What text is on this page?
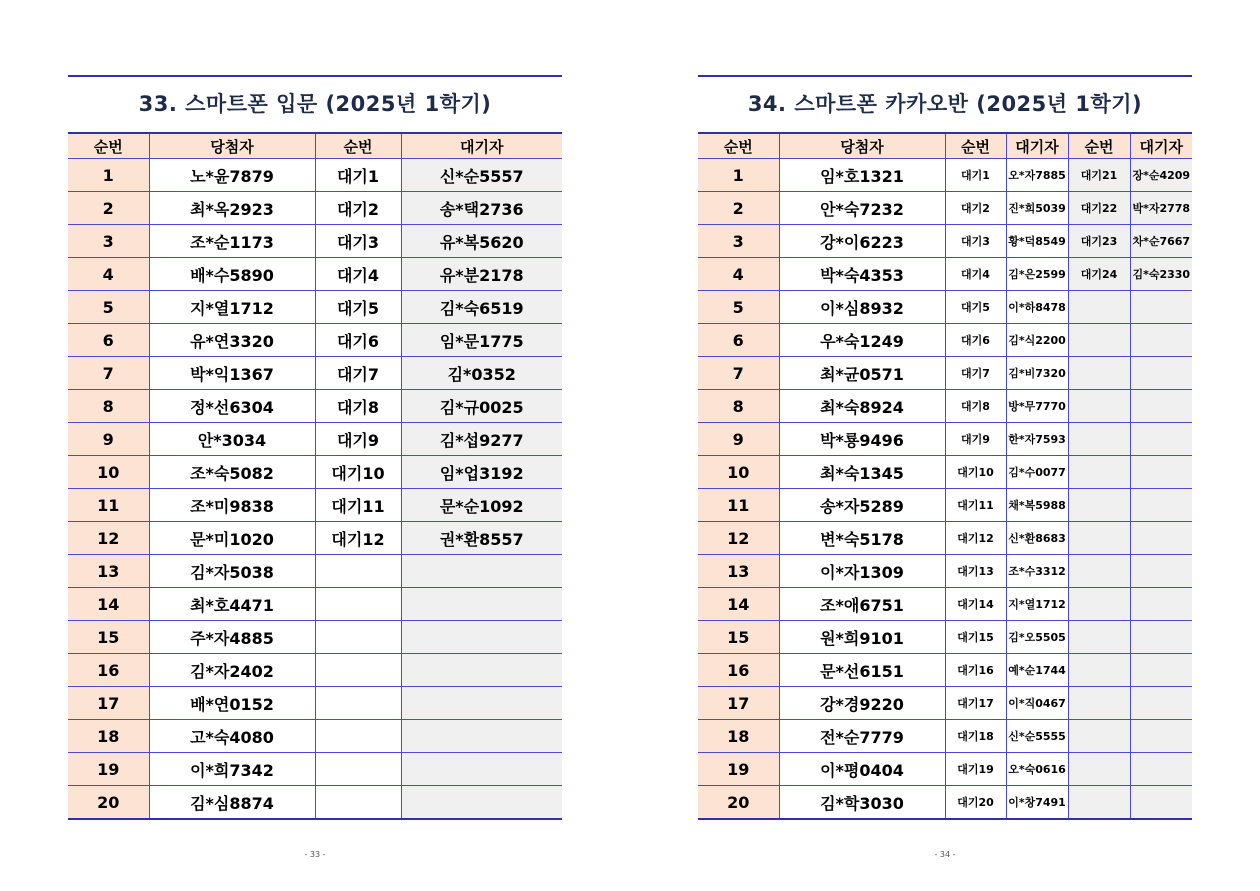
33. 스마트폰 입문 (2025년 1학기)
순번	당첨자	순번	대기자
1	노*윤7879	대기1	신*순5557
2	최*옥2923	대기2	송*택2736
3	조*순1173	대기3	유*복5620
4	배*수5890	대기4	유*분2178
5	지*열1712	대기5	김*숙6519
6	유*연3320	대기6	임*문1775
7	박*익1367	대기7	김*0352
8	정*선6304	대기8	김*규0025
9	안*3034	대기9	김*섭9277
10	조*숙5082	대기10	임*업3192
11	조*미9838	대기11	문*순1092
12	문*미1020	대기12	권*환8557
13	김*자5038		
14	최*호4471		
15	주*자4885		
16	김*자2402		
17	배*연0152		
18	고*숙4080		
19	이*희7342		
20	김*심8874		
- 33 -
34. 스마트폰 카카오반 (2025년 1학기)
순번	당첨자	순번	대기자	순번	대기자
1	임*호1321	대기1	오*자7885	대기21	장*순4209
2	안*숙7232	대기2	진*희5039	대기22	박*자2778
3	강*이6223	대기3	황*덕8549	대기23	차*순7667
4	박*숙4353	대기4	김*은2599	대기24	김*숙2330
5	이*심8932	대기5	이*하8478		
6	우*숙1249	대기6	김*식2200		
7	최*균0571	대기7	김*비7320		
8	최*숙8924	대기8	방*무7770		
9	박*룡9496	대기9	한*자7593		
10	최*숙1345	대기10	김*수0077		
11	송*자5289	대기11	채*복5988		
12	변*숙5178	대기12	신*환8683		
13	이*자1309	대기13	조*수3312		
14	조*애6751	대기14	지*열1712		
15	원*희9101	대기15	김*오5505		
16	문*선6151	대기16	예*순1744		
17	강*경9220	대기17	이*직0467		
18	전*순7779	대기18	신*순5555		
19	이*평0404	대기19	오*숙0616		
20	김*학3030	대기20	이*창7491		
- 34 -
